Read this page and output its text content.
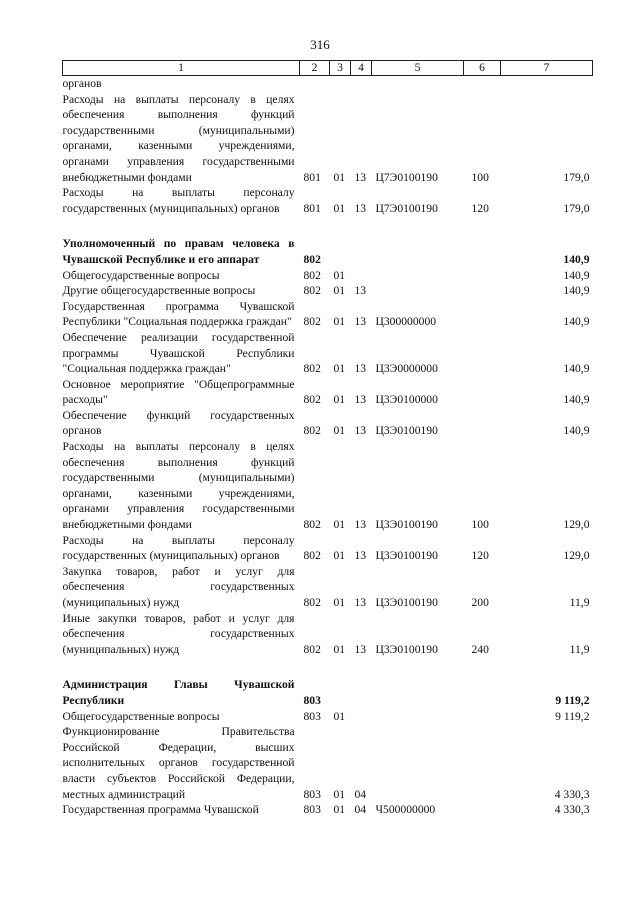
316
1	2	3	4	5	6	7
органов						
Расходы на выплаты персоналу в целях обеспечения выполнения функций государственными (муниципальными) органами, казенными учреждениями, органами управления государственными внебюджетными фондами	801	01	13	Ц7Э0100190	100	179,0
Расходы на выплаты персоналу государственных (муниципальных) органов	801	01	13	Ц7Э0100190	120	179,0

Уполномоченный по правам человека в Чувашской Республике и его аппарат	802					140,9
Общегосударственные вопросы	802	01				140,9
Другие общегосударственные вопросы	802	01	13			140,9
Государственная программа Чувашской Республики "Социальная поддержка граждан"	802	01	13	Ц300000000		140,9
Обеспечение реализации государственной программы Чувашской Республики "Социальная поддержка граждан"	802	01	13	Ц3Э0000000		140,9
Основное мероприятие "Общепрограммные расходы"	802	01	13	Ц3Э0100000		140,9
Обеспечение функций государственных органов	802	01	13	Ц3Э0100190		140,9
Расходы на выплаты персоналу в целях обеспечения выполнения функций государственными (муниципальными) органами, казенными учреждениями, органами управления государственными внебюджетными фондами	802	01	13	Ц3Э0100190	100	129,0
Расходы на выплаты персоналу государственных (муниципальных) органов	802	01	13	Ц3Э0100190	120	129,0
Закупка товаров, работ и услуг для обеспечения государственных (муниципальных) нужд	802	01	13	Ц3Э0100190	200	11,9
Иные закупки товаров, работ и услуг для обеспечения государственных (муниципальных) нужд	802	01	13	Ц3Э0100190	240	11,9

Администрация Главы Чувашской Республики	803					9 119,2
Общегосударственные вопросы	803	01				9 119,2
Функционирование Правительства Российской Федерации, высших исполнительных органов государственной власти субъектов Российской Федерации, местных администраций	803	01	04			4 330,3
Государственная программа Чувашской	803	01	04	Ч500000000		4 330,3
